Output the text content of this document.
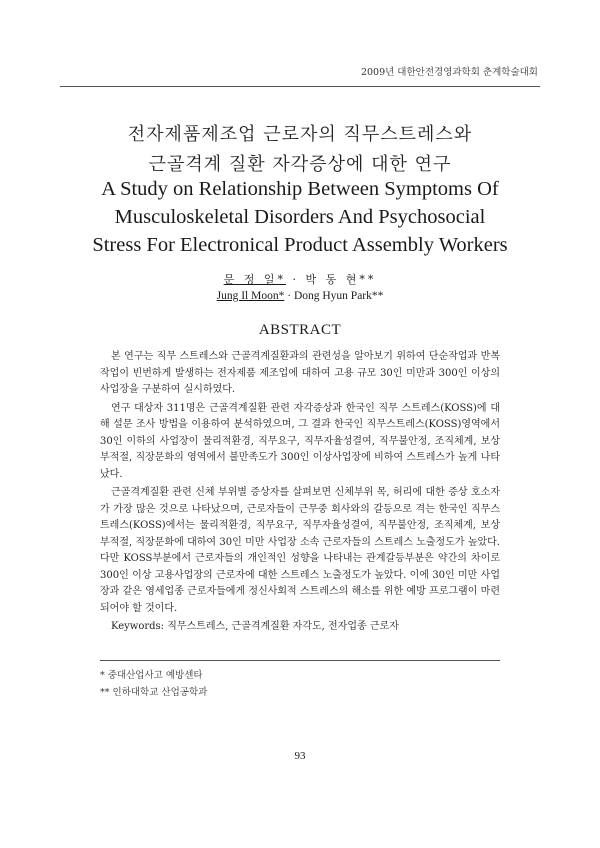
2009년 대한안전경영과학회 춘계학술대회
전자제품제조업 근로자의 직무스트레스와
근골격계 질환 자각증상에 대한 연구
A Study on Relationship Between Symptoms Of
Musculoskeletal Disorders And Psychosocial
Stress For Electronical Product Assembly Workers
문 정 일* · 박 동 현**
Jung Il Moon* · Dong Hyun Park**
ABSTRACT

본 연구는 직무 스트레스와 근골격계질환과의 관련성을 알아보기 위하여 단순작업과 반복 작업이 빈번하게 발생하는 전자제품 제조업에 대하여 고용 규모 30인 미만과 300인 이상의 사업장을 구분하여 실시하였다.

연구 대상자 311명은 근골격계질환 관련 자각증상과 한국인 직무 스트레스(KOSS)에 대해 설문 조사 방법을 이용하여 분석하였으며, 그 결과 한국인 직무스트레스(KOSS)영역에서 30인 이하의 사업장이 물리적환경, 직무요구, 직무자율성결여, 직무불안정, 조직체계, 보상부적절, 직장문화의 영역에서 불만족도가 300인 이상사업장에 비하여 스트레스가 높게 나타났다.

근골격계질환 관련 신체 부위별 증상자를 살펴보면 신체부위 목, 허리에 대한 증상 호소자가 가장 많은 것으로 나타났으며, 근로자들이 근무중 회사와의 갈등으로 격는 한국인 직무스트레스(KOSS)에서는 물리적환경, 직무요구, 직무자율성결여, 직무불안정, 조직체계, 보상부적절, 직장문화에 대하여 30인 미만 사업장 소속 근로자들의 스트레스 노출정도가 높았다. 다만 KOSS부분에서 근로자들의 개인적인 성향을 나타내는 관계갈등부분은 약간의 차이로 300인 이상 고용사업장의 근로자에 대한 스트레스 노출정도가 높았다. 이에 30인 미만 사업장과 같은 영세업종 근로자들에게 정신사회적 스트레스의 해소를 위한 예방 프로그램이 마련되어야 할 것이다.

Keywords: 직무스트레스, 근골격계질환 자각도, 전자업종 근로자

* 중대산업사고 예방센타
** 인하대학교 산업공학과
93
